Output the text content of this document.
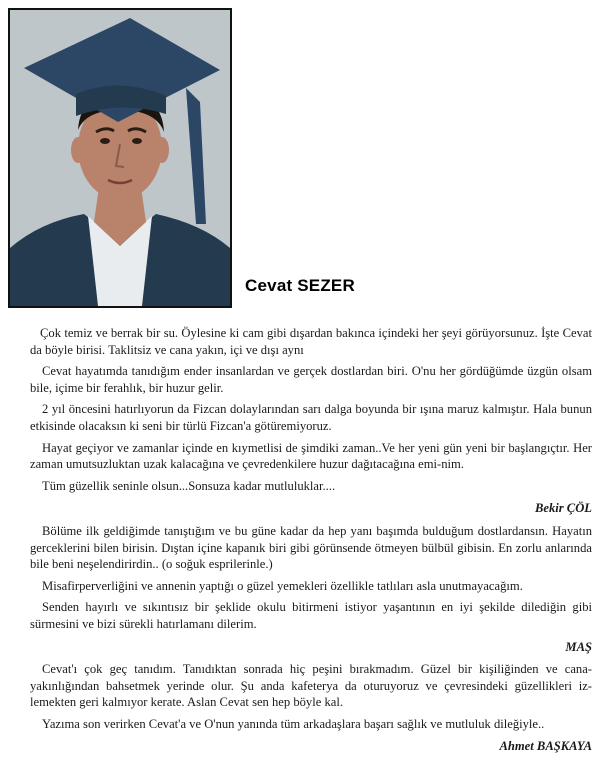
Cevat SEZER

Çok temiz ve berrak bir su. Öylesine ki cam gibi dışardan bakınca içindeki her şeyi görüyorsunuz. İşte Cevat da böyle birisi. Taklitsiz ve cana yakın, içi ve dışı aynı

Cevat hayatımda tanıdığım ender insanlardan ve gerçek dostlardan biri. O'nu her gördüğümde üzgün olsam bile, içime bir ferahlık, bir huzur gelir.

2 yıl öncesini hatırlıyorun da Fizcan dolaylarından sarı dalga boyunda bir ışına maruz kalmıştır. Hala bunun etkisinde olacaksın ki seni bir türlü Fizcan'a götüremiyoruz.

Hayat geçiyor ve zamanlar içinde en kıymetlisi de şimdiki zaman..Ve her yeni gün yeni bir başlangıçtır. Her zaman umutsuzluktan uzak kalacağına ve çevredenkilere huzur dağıtacağına emi-nim.

Tüm güzellik seninle olsun...Sonsuza kadar mutluluklar....

Bekir ÇÖL

Bölüme ilk geldiğimde tanıştığım ve bu güne kadar da hep yanı başımda bulduğum dostlardansın. Hayatın gerceklerini bilen birisin. Dıştan içine kapanık biri gibi görünsende ötmeyen bülbül gibisin. En zorlu anlarında bile beni neşelendirirdin.. (o soğuk esprilerinle.)

Misafirperverliğini ve annenin yaptığı o güzel yemekleri özellikle tatlıları asla unutmayacağım.

Senden hayırlı ve sıkıntısız bir şeklide okulu bitirmeni istiyor yaşantının en iyi şekilde dilediğin gibi sürmesini ve bizi sürekli hatırlamanı dilerim.

MAŞ

Cevat'ı çok geç tanıdım. Tanıdıktan sonrada hiç peşini bırakmadım. Güzel bir kişiliğinden ve cana-yakınlığından bahsetmek yerinde olur. Şu anda kafeterya da oturuyoruz ve çevresindeki güzellikleri iz-lemekten geri kalmıyor kerate. Aslan Cevat sen hep böyle kal.

Yazıma son verirken Cevat'a ve O'nun yanında tüm arkadaşlara başarı sağlık ve mutluluk dileğiyle..

Ahmet BAŞKAYA
